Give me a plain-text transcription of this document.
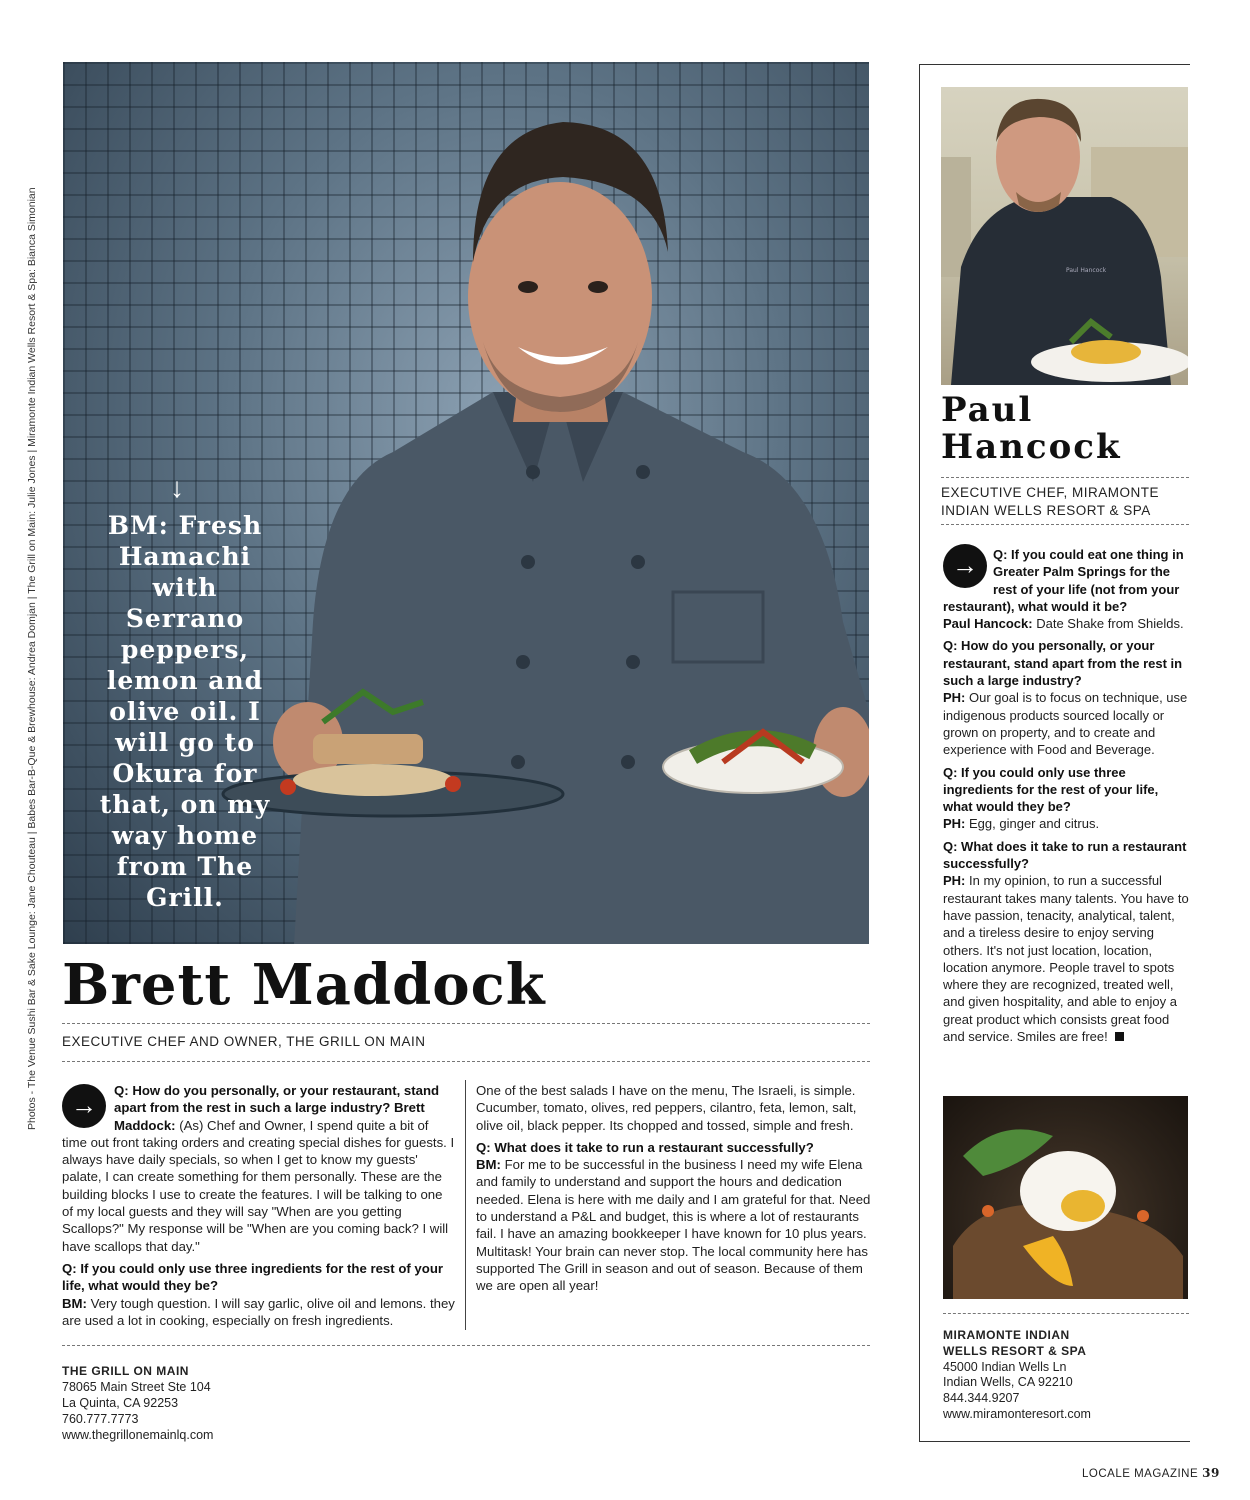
Photos - The Venue Sushi Bar & Sake Lounge: Jane Chouteau | Babes Bar-B-Que & Brewhouse: Andrea Domjan | The Grill on Main: Julie Jones | Miramonte Indian Wells Resort & Spa: Bianca Simonian	↓
BM: Fresh Hamachi with Serrano peppers, lemon and olive oil. I will go to Okura for that, on my way home from The Grill.
Brett Maddock
EXECUTIVE CHEF AND OWNER, THE GRILL ON MAIN
→	Q: How do you personally, or your restaurant, stand apart from the rest in such a large industry? Brett Maddock: (As) Chef and Owner, I spend quite a bit of time out front taking orders and creating special dishes for guests. I always have daily specials, so when I get to know my guests' palate, I can create something for them personally. These are the building blocks I use to create the features. I will be talking to one of my local guests and they will say "When are you getting Scallops?" My response will be "When are you coming back? I will have scallops that day."

Q: If you could only use three ingredients for the rest of your life, what would they be?
BM: Very tough question. I will say garlic, olive oil and lemons. they are used a lot in cooking, especially on fresh ingredients.

One of the best salads I have on the menu, The Israeli, is simple. Cucumber, tomato, olives, red peppers, cilantro, feta, lemon, salt, olive oil, black pepper. Its chopped and tossed, simple and fresh.

Q: What does it take to run a restaurant successfully?
BM: For me to be successful in the business I need my wife Elena and family to understand and support the hours and dedication needed. Elena is here with me daily and I am grateful for that. Need to understand a P&L and budget, this is where a lot of restaurants fail. I have an amazing bookkeeper I have known for 10 plus years. Multitask! Your brain can never stop. The local community here has supported The Grill in season and out of season. Because of them we are open all year!

THE GRILL ON MAIN
78065 Main Street Ste 104
La Quinta, CA 92253
760.777.7773
www.thegrillonemainlq.com
Paul Hancock
Paul
Hancock
EXECUTIVE CHEF, MIRAMONTE INDIAN WELLS RESORT & SPA
→	Q: If you could eat one thing in Greater Palm Springs for the rest of your life (not from your restaurant), what would it be?
Paul Hancock: Date Shake from Shields.

Q: How do you personally, or your restaurant, stand apart from the rest in such a large industry?
PH: Our goal is to focus on technique, use indigenous products sourced locally or grown on property, and to create and experience with Food and Beverage.

Q: If you could only use three ingredients for the rest of your life, what would they be?
PH: Egg, ginger and citrus.

Q: What does it take to run a restaurant successfully?
PH: In my opinion, to run a successful restaurant takes many talents. You have to have passion, tenacity, analytical, talent, and a tireless desire to enjoy serving others. It's not just location, location, location anymore. People travel to spots where they are recognized, treated well, and given hospitality, and able to enjoy a great product which consists great food and service. Smiles are free!

MIRAMONTE INDIAN
WELLS RESORT & SPA
45000 Indian Wells Ln
Indian Wells, CA 92210
844.344.9207
www.miramonteresort.com
LOCALE MAGAZINE 39
